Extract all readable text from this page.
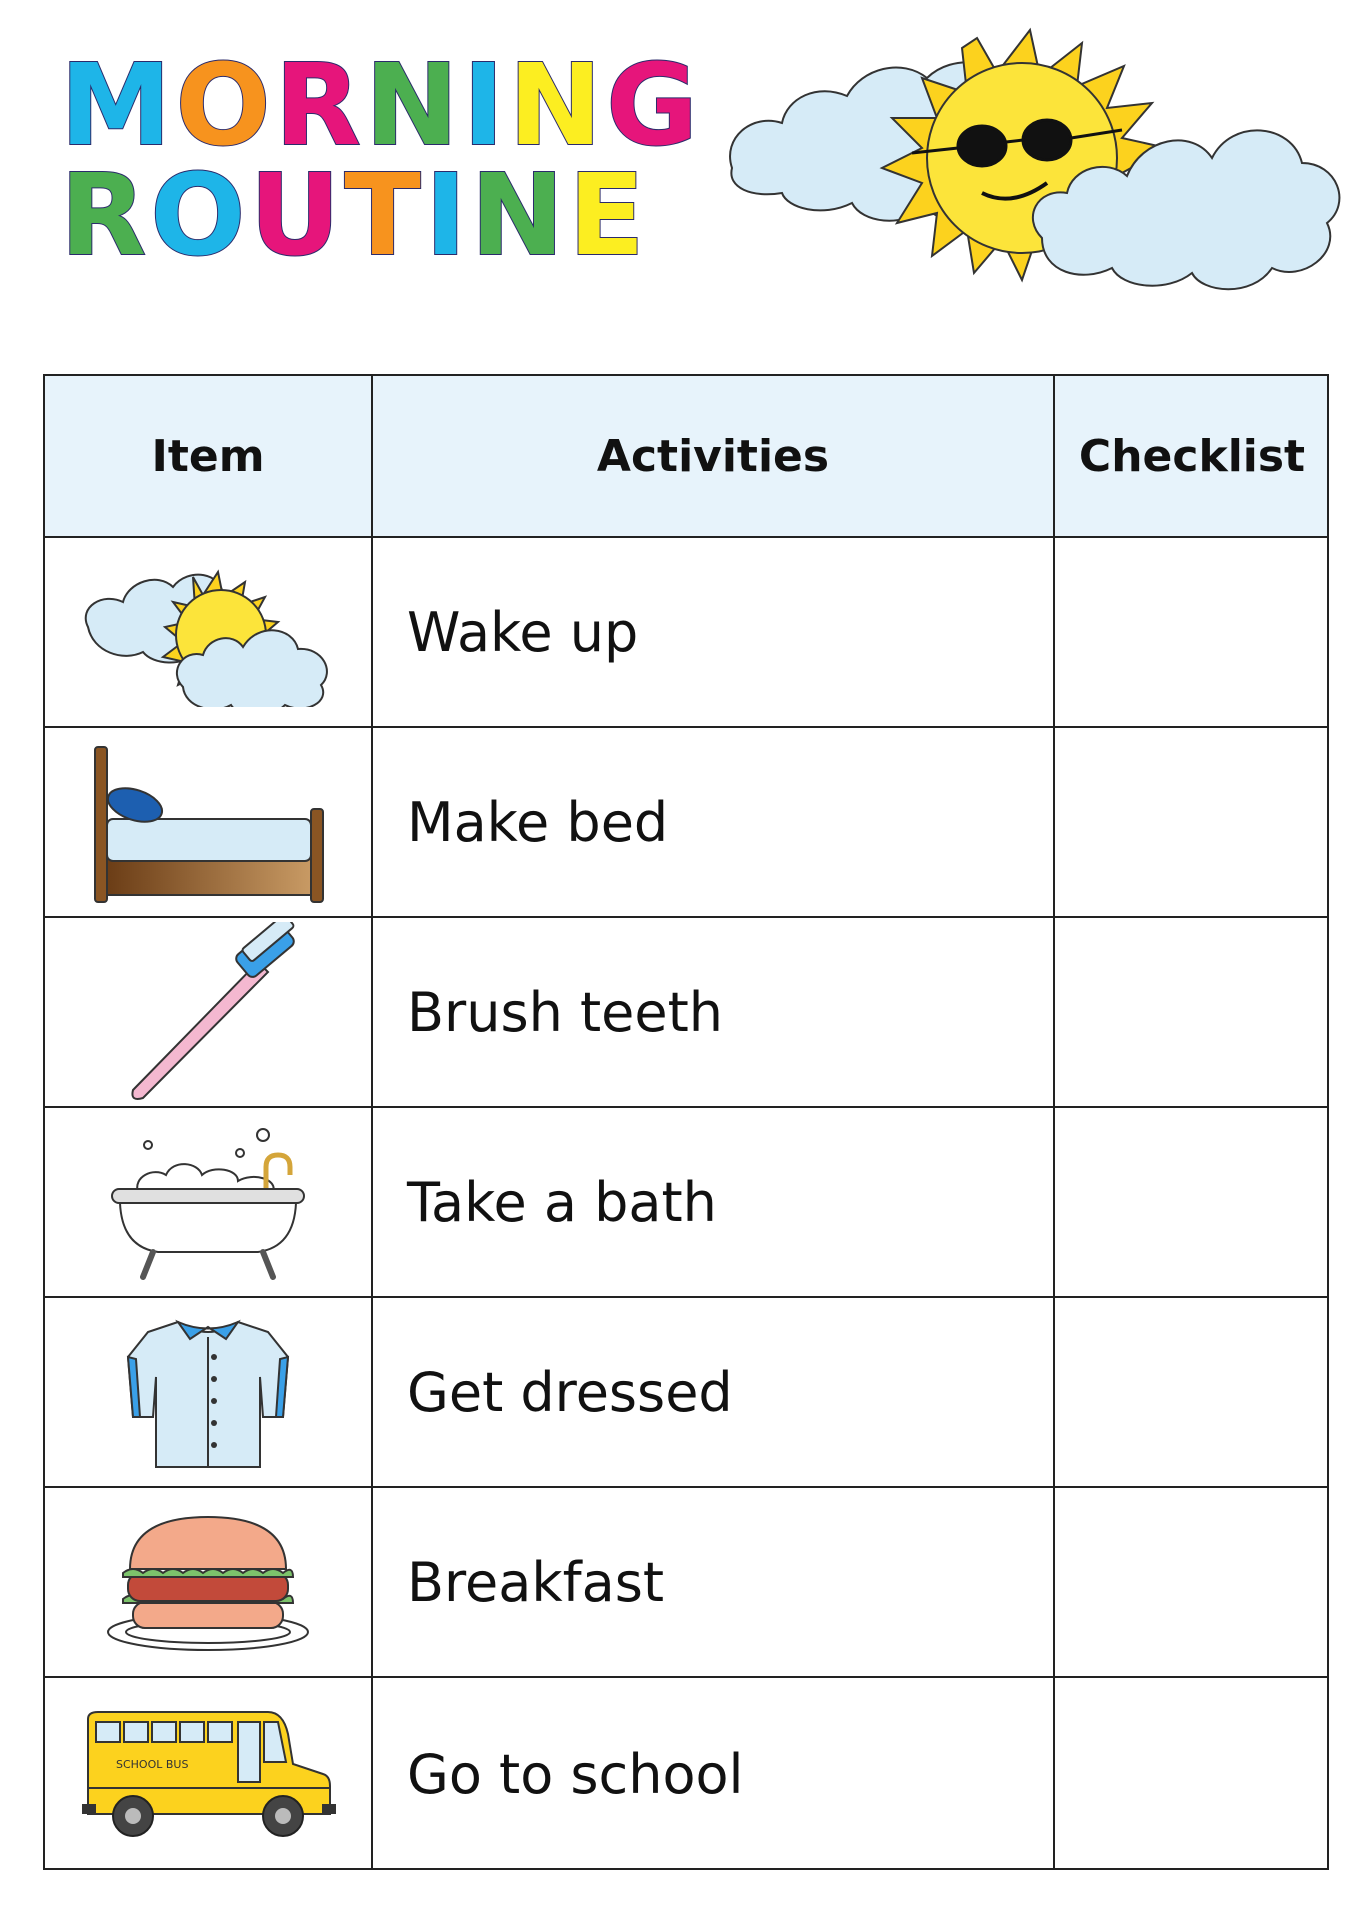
MORNING
ROUTINE
Item	Activities	Checklist
Wake up
Make bed
Brush teeth
Take a bath
Get dressed
Breakfast
SCHOOL BUS	Go to school
